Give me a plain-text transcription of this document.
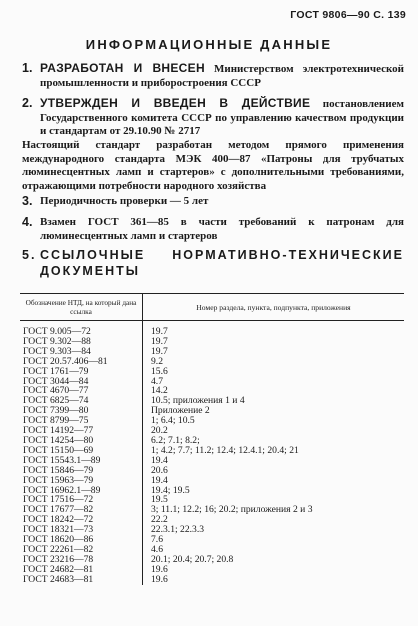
ГОСТ 9806—90 С. 139
ИНФОРМАЦИОННЫЕ ДАННЫЕ
1. РАЗРАБОТАН И ВНЕСЕН Министерством электротехнической промышленности и приборостроения СССР
2. УТВЕРЖДЕН И ВВЕДЕН В ДЕЙСТВИЕ постановлением Государственного комитета СССР по управлению качеством продукции и стандартам от 29.10.90 № 2717
Настоящий стандарт разработан методом прямого применения международного стандарта МЭК 400—87 «Патроны для трубчатых люминесцентных ламп и стартеров» с дополнительными требованиями, отражающими потребности народного хозяйства
3. Периодичность проверки — 5 лет
4. Взамен ГОСТ 361—85 в части требований к патронам для люминесцентных ламп и стартеров
5. ССЫЛОЧНЫЕ НОРМАТИВНО-ТЕХНИЧЕСКИЕ ДОКУМЕНТЫ
Обозначение НТД, на который дана ссылка	Номер раздела, пункта, подпункта, приложения
ГОСТ 9.005—72	19.7
ГОСТ 9.302—88	19.7
ГОСТ 9.303—84	19.7
ГОСТ 20.57.406—81	9.2
ГОСТ 1761—79	15.6
ГОСТ 3044—84	4.7
ГОСТ 4670—77	14.2
ГОСТ 6825—74	10.5; приложения 1 и 4
ГОСТ 7399—80	Приложение 2
ГОСТ 8799—75	1; 6.4; 10.5
ГОСТ 14192—77	20.2
ГОСТ 14254—80	6.2; 7.1; 8.2;
ГОСТ 15150—69	1; 4.2; 7.7; 11.2; 12.4; 12.4.1; 20.4; 21
ГОСТ 15543.1—89	19.4
ГОСТ 15846—79	20.6
ГОСТ 15963—79	19.4
ГОСТ 16962.1—89	19.4; 19.5
ГОСТ 17516—72	19.5
ГОСТ 17677—82	3; 11.1; 12.2; 16; 20.2; приложения 2 и 3
ГОСТ 18242—72	22.2
ГОСТ 18321—73	22.3.1; 22.3.3
ГОСТ 18620—86	7.6
ГОСТ 22261—82	4.6
ГОСТ 23216—78	20.1; 20.4; 20.7; 20.8
ГОСТ 24682—81	19.6
ГОСТ 24683—81	19.6
